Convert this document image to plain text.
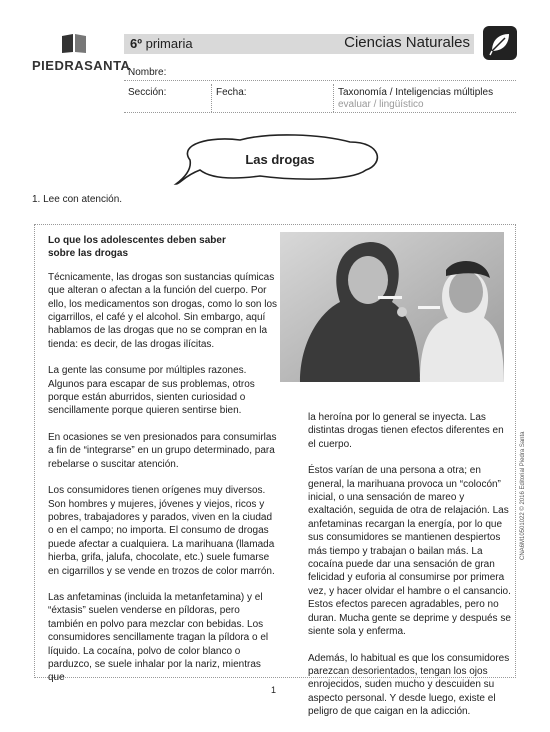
PIEDRASANTA
6º primaria	Ciencias Naturales
Nombre:
Sección:	Fecha:	Taxonomía / Inteligencias múltiples
evaluar / lingüístico
Las drogas
1. Lee con atención.
Lo que los adolescentes deben saber
sobre las drogas

Técnicamente, las drogas son sustancias químicas que alteran o afectan a la función del cuerpo. Por ello, los medicamentos son drogas, como lo son los cigarrillos, el café y el alcohol. Sin embargo, aquí hablamos de las drogas que no se compran en la tienda: es decir, de las drogas ilícitas.

La gente las consume por múltiples razones. Algunos para escapar de sus problemas, otros porque están aburridos, sienten curiosidad o sencillamente porque quieren sentirse bien.

En ocasiones se ven presionados para consumirlas a fin de “integrarse” en un grupo determinado, para rebelarse o suscitar atención.

Los consumidores tienen orígenes muy diversos. Son hombres y mujeres, jóvenes y viejos, ricos y pobres, trabajadores y parados, viven en la ciudad o en el campo; no importa. El consumo de drogas puede afectar a cualquiera. La marihuana (llamada hierba, grifa, jalufa, chocolate, etc.) suele fumarse en cigarrillos y se vende en trozos de color marrón.

Las anfetaminas (incluida la metanfetamina) y el “éxtasis” suelen venderse en píldoras, pero también en polvo para mezclar con bebidas. Los consumidores sencillamente tragan la píldora o el líquido. La cocaína, polvo de color blanco o parduzco, se suele inhalar por la nariz, mientras que

la heroína por lo general se inyecta. Las distintas drogas tienen efectos diferentes en el cuerpo.

Éstos varían de una persona a otra; en general, la marihuana provoca un “colocón” inicial, o una sensación de mareo y exaltación, seguida de otra de relajación. Las anfetaminas recargan la energía, por lo que sus consumidores se mantienen despiertos más tiempo y trabajan o bailan más. La cocaína puede dar una sensación de gran felicidad y euforia al consumirse por primera vez, y hacer olvidar el hambre o el cansancio. Estos efectos parecen agradables, pero no duran. Mucha gente se deprime y después se siente sola y enferma.

Además, lo habitual es que los consumidores parezcan desorientados, tengan los ojos enrojecidos, suden mucho y descuiden su aspecto personal. Y desde luego, existe el peligro de que caigan en la adicción.

CNA6M10501022 © 2016 Editorial Piedra Santa
1
